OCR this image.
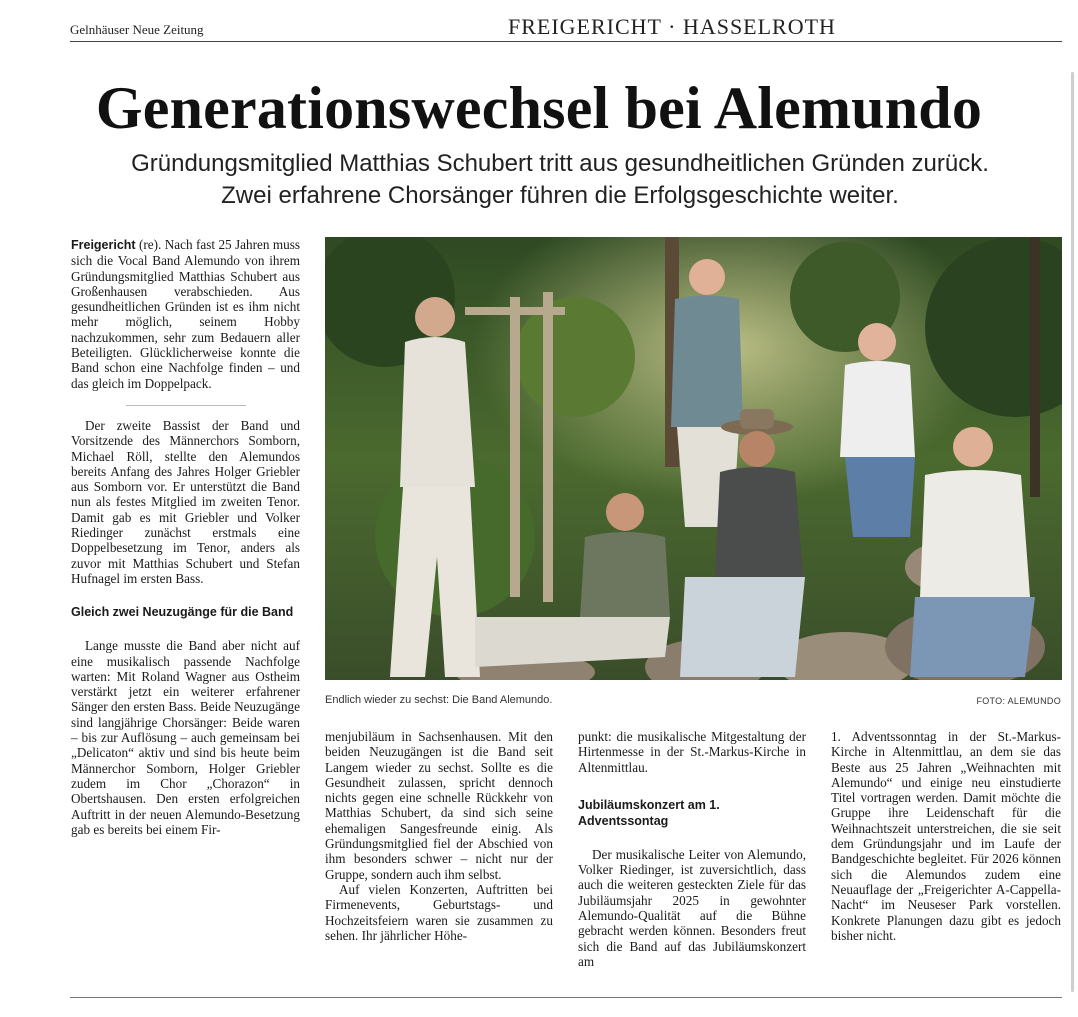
Gelnhäuser Neue Zeitung	FREIGERICHT · HASSELROTH
Generationswechsel bei Alemundo
Gründungsmitglied Matthias Schubert tritt aus gesundheitlichen Gründen zurück.
Zwei erfahrene Chorsänger führen die Erfolgsgeschichte weiter.

Freigericht (re). Nach fast 25 Jahren muss sich die Vocal Band Alemundo von ihrem Gründungsmitglied Matthias Schubert aus Großenhausen verabschieden. Aus gesundheitlichen Gründen ist es ihm nicht mehr möglich, seinem Hobby nachzukommen, sehr zum Bedauern aller Beteiligten. Glücklicherweise konnte die Band schon eine Nachfolge finden – und das gleich im Doppelpack.

Der zweite Bassist der Band und Vorsitzende des Männerchors Somborn, Michael Röll, stellte den Alemundos bereits Anfang des Jahres Holger Griebler aus Somborn vor. Er unterstützt die Band nun als festes Mitglied im zweiten Tenor. Damit gab es mit Griebler und Volker Riedinger zunächst erstmals eine Doppelbesetzung im Tenor, anders als zuvor mit Matthias Schubert und Stefan Hufnagel im ersten Bass.

Gleich zwei Neuzugänge für die Band

Lange musste die Band aber nicht auf eine musikalisch passende Nachfolge warten: Mit Roland Wagner aus Ostheim verstärkt jetzt ein weiterer erfahrener Sänger den ersten Bass. Beide Neuzugänge sind langjährige Chorsänger: Beide waren – bis zur Auflösung – auch gemeinsam bei „Delicaton“ aktiv und sind bis heute beim Männerchor Somborn, Holger Griebler zudem im Chor „Chorazon“ in Obertshausen. Den ersten erfolgreichen Auftritt in der neuen Alemundo-Besetzung gab es bereits bei einem Fir-

Endlich wieder zu sechst: Die Band Alemundo.	FOTO: ALEMUNDO

menjubiläum in Sachsenhausen. Mit den beiden Neuzugängen ist die Band seit Langem wieder zu sechst. Sollte es die Gesundheit zulassen, spricht dennoch nichts gegen eine schnelle Rückkehr von Matthias Schubert, da sind sich seine ehemaligen Sangesfreunde einig. Als Gründungsmitglied fiel der Abschied von ihm besonders schwer – nicht nur der Gruppe, sondern auch ihm selbst.

Auf vielen Konzerten, Auftritten bei Firmenevents, Geburtstags- und Hochzeitsfeiern waren sie zusammen zu sehen. Ihr jährlicher Höhe-

punkt: die musikalische Mitgestaltung der Hirtenmesse in der St.-Markus-Kirche in Altenmittlau.

Jubiläumskonzert am 1. Adventssontag

Der musikalische Leiter von Alemundo, Volker Riedinger, ist zuversichtlich, dass auch die weiteren gesteckten Ziele für das Jubiläumsjahr 2025 in gewohnter Alemundo-Qualität auf die Bühne gebracht werden können. Besonders freut sich die Band auf das Jubiläumskonzert am

1. Adventssonntag in der St.-Markus-Kirche in Altenmittlau, an dem sie das Beste aus 25 Jahren „Weihnachten mit Alemundo“ und einige neu einstudierte Titel vortragen werden. Damit möchte die Gruppe ihre Leidenschaft für die Weihnachtszeit unterstreichen, die sie seit dem Gründungsjahr und im Laufe der Bandgeschichte begleitet. Für 2026 können sich die Alemundos zudem eine Neuauflage der „Freigerichter A-Cappella-Nacht“ im Neuseser Park vorstellen. Konkrete Planungen dazu gibt es jedoch bisher nicht.
